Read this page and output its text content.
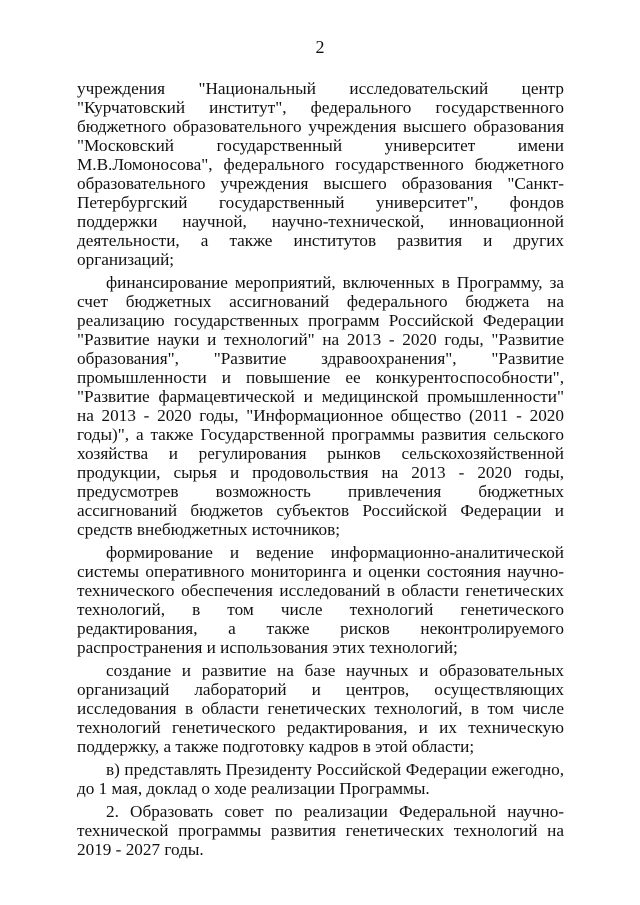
2

учреждения "Национальный исследовательский центр "Курчатовский институт", федерального государственного бюджетного образовательного учреждения высшего образования "Московский государственный университет имени М.В.Ломоносова", федерального государственного бюджетного образовательного учреждения высшего образования "Санкт-Петербургский государственный университет", фондов поддержки научной, научно-технической, инновационной деятельности, а также институтов развития и других организаций;

финансирование мероприятий, включенных в Программу, за счет бюджетных ассигнований федерального бюджета на реализацию государственных программ Российской Федерации "Развитие науки и технологий" на 2013 - 2020 годы, "Развитие образования", "Развитие здравоохранения", "Развитие промышленности и повышение ее конкурентоспособности", "Развитие фармацевтической и медицинской промышленности" на 2013 - 2020 годы, "Информационное общество (2011 - 2020 годы)", а также Государственной программы развития сельского хозяйства и регулирования рынков сельскохозяйственной продукции, сырья и продовольствия на 2013 - 2020 годы, предусмотрев возможность привлечения бюджетных ассигнований бюджетов субъектов Российской Федерации и средств внебюджетных источников;

формирование и ведение информационно-аналитической системы оперативного мониторинга и оценки состояния научно-технического обеспечения исследований в области генетических технологий, в том числе технологий генетического редактирования, а также рисков неконтролируемого распространения и использования этих технологий;

создание и развитие на базе научных и образовательных организаций лабораторий и центров, осуществляющих исследования в области генетических технологий, в том числе технологий генетического редактирования, и их техническую поддержку, а также подготовку кадров в этой области;

в) представлять Президенту Российской Федерации ежегодно, до 1 мая, доклад о ходе реализации Программы.

2. Образовать совет по реализации Федеральной научно-технической программы развития генетических технологий на 2019 - 2027 годы.
